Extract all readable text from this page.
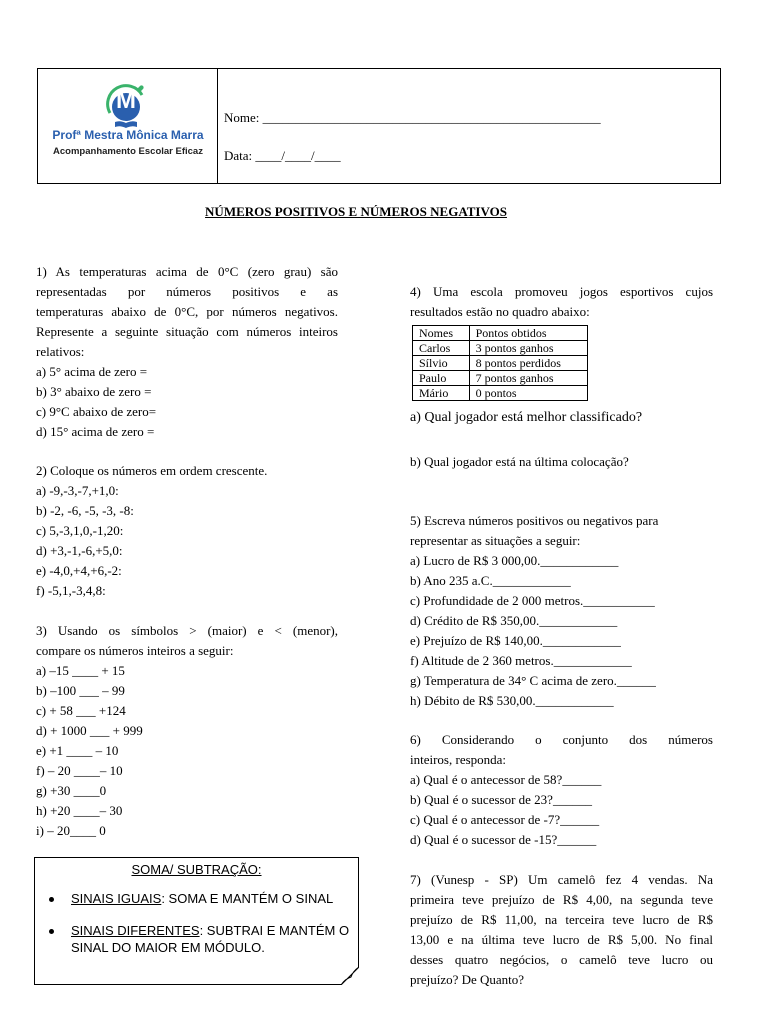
M
Profª Mestra Mônica Marra
Acompanhamento Escolar Eficaz
Nome: ____________________________________________________
Data: ____/____/____
NÚMEROS POSITIVOS E NÚMEROS NEGATIVOS
1) As temperaturas acima de 0°C (zero grau) são
representadas por números positivos e as
temperaturas abaixo de 0°C, por números negativos.
Represente a seguinte situação com números inteiros
relativos:
a) 5° acima de zero =
b) 3° abaixo de zero =
c) 9°C abaixo de zero=
d) 15° acima de zero =
2) Coloque os números em ordem crescente.
a) -9,-3,-7,+1,0:
b) -2, -6, -5, -3, -8:
c) 5,-3,1,0,-1,20:
d) +3,-1,-6,+5,0:
e) -4,0,+4,+6,-2:
f) -5,1,-3,4,8:
3) Usando os símbolos > (maior) e < (menor),
compare os números inteiros a seguir:
a) –15 ____ + 15
b) –100 ___ – 99
c) + 58 ___ +124
d) + 1000 ___ + 999
e) +1 ____ – 10
f) – 20 ____– 10
g) +30 ____0
h) +20 ____– 30
i) – 20____ 0
SOMA/ SUBTRAÇÃO:
SINAIS IGUAIS: SOMA E MANTÉM O SINAL
SINAIS DIFERENTES: SUBTRAI E MANTÉM O SINAL DO MAIOR EM MÓDULO.
4) Uma escola promoveu jogos esportivos cujos
resultados estão no quadro abaixo:
Nomes	Pontos obtidos
Carlos	3 pontos ganhos
Sílvio	8 pontos perdidos
Paulo	7 pontos ganhos
Mário	0 pontos
a) Qual jogador está melhor classificado?
b) Qual jogador está na última colocação?
5) Escreva números positivos ou negativos para
representar as situações a seguir:
a) Lucro de R$ 3 000,00.____________
b) Ano 235 a.C.____________
c) Profundidade de 2 000 metros.___________
d) Crédito de R$ 350,00.____________
e) Prejuízo de R$ 140,00.____________
f) Altitude de 2 360 metros.____________
g) Temperatura de 34° C acima de zero.______
h) Débito de R$ 530,00.____________
6) Considerando o conjunto dos números
inteiros, responda:
a) Qual é o antecessor de 58?______
b) Qual é o sucessor de 23?______
c) Qual é o antecessor de -7?______
d) Qual é o sucessor de -15?______
7) (Vunesp - SP) Um camelô fez 4 vendas. Na
primeira teve prejuízo de R$ 4,00, na segunda teve
prejuízo de R$ 11,00, na terceira teve lucro de R$
13,00 e na última teve lucro de R$ 5,00. No final
desses quatro negócios, o camelô teve lucro ou
prejuízo? De Quanto?
